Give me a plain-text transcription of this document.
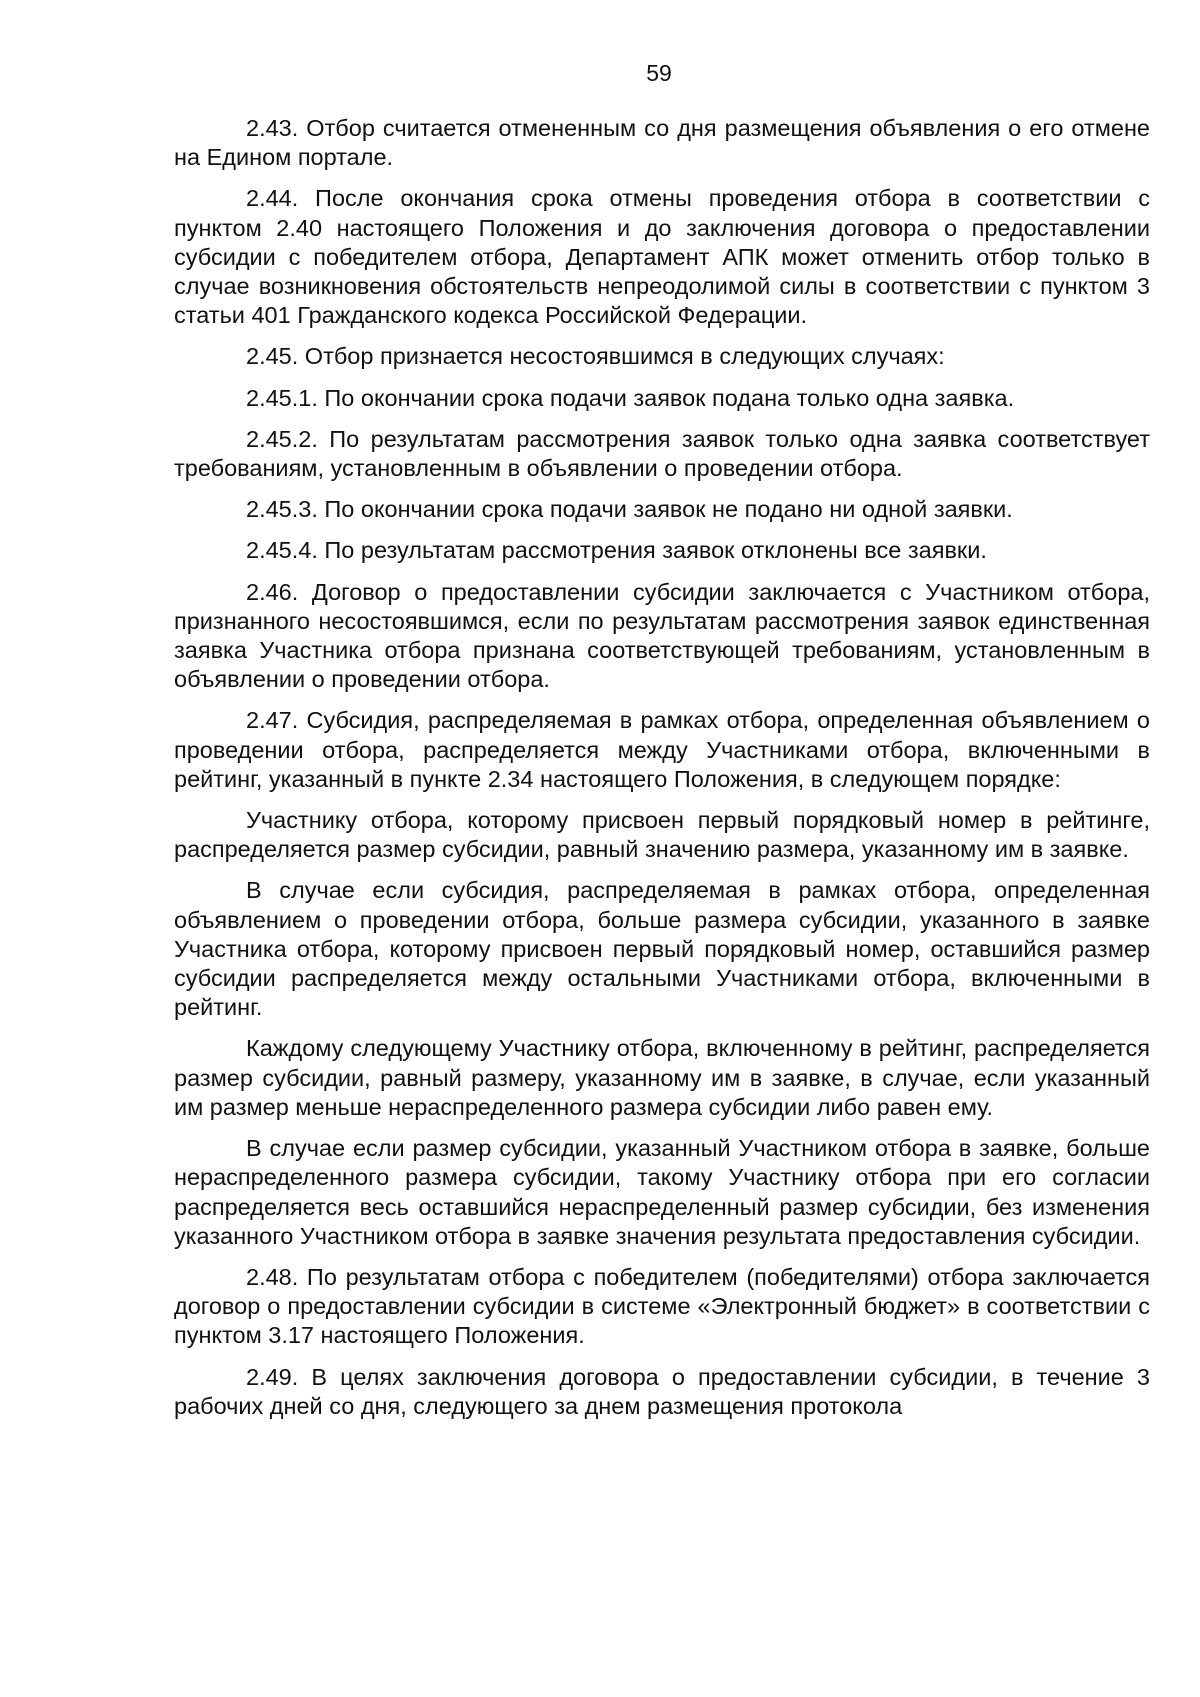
59

2.43. Отбор считается отмененным со дня размещения объявления о его отмене на Едином портале.

2.44. После окончания срока отмены проведения отбора в соответствии с пунктом 2.40 настоящего Положения и до заключения договора о предоставлении субсидии с победителем отбора, Департамент АПК может отменить отбор только в случае возникновения обстоятельств непреодолимой силы в соответствии с пунктом 3 статьи 401 Гражданского кодекса Российской Федерации.

2.45. Отбор признается несостоявшимся в следующих случаях:

2.45.1. По окончании срока подачи заявок подана только одна заявка.

2.45.2. По результатам рассмотрения заявок только одна заявка соответствует требованиям, установленным в объявлении о проведении отбора.

2.45.3. По окончании срока подачи заявок не подано ни одной заявки.

2.45.4. По результатам рассмотрения заявок отклонены все заявки.

2.46. Договор о предоставлении субсидии заключается с Участником отбора, признанного несостоявшимся, если по результатам рассмотрения заявок единственная заявка Участника отбора признана соответствующей требованиям, установленным в объявлении о проведении отбора.

2.47. Субсидия, распределяемая в рамках отбора, определенная объявлением о проведении отбора, распределяется между Участниками отбора, включенными в рейтинг, указанный в пункте 2.34 настоящего Положения, в следующем порядке:

Участнику отбора, которому присвоен первый порядковый номер в рейтинге, распределяется размер субсидии, равный значению размера, указанному им в заявке.

В случае если субсидия, распределяемая в рамках отбора, определенная объявлением о проведении отбора, больше размера субсидии, указанного в заявке Участника отбора, которому присвоен первый порядковый номер, оставшийся размер субсидии распределяется между остальными Участниками отбора, включенными в рейтинг.

Каждому следующему Участнику отбора, включенному в рейтинг, распределяется размер субсидии, равный размеру, указанному им в заявке, в случае, если указанный им размер меньше нераспределенного размера субсидии либо равен ему.

В случае если размер субсидии, указанный Участником отбора в заявке, больше нераспределенного размера субсидии, такому Участнику отбора при его согласии распределяется весь оставшийся нераспределенный размер субсидии, без изменения указанного Участником отбора в заявке значения результата предоставления субсидии.

2.48. По результатам отбора с победителем (победителями) отбора заключается договор о предоставлении субсидии в системе «Электронный бюджет» в соответствии с пунктом 3.17 настоящего Положения.

2.49. В целях заключения договора о предоставлении субсидии, в течение 3 рабочих дней со дня, следующего за днем размещения протокола
